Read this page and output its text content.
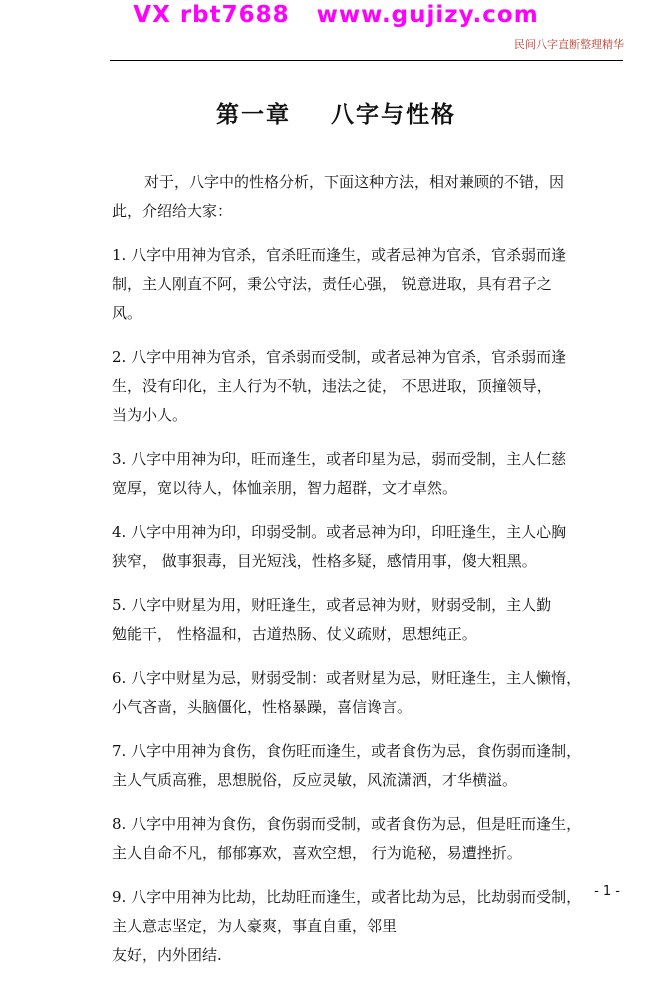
VX rbt7688   www.gujizy.com
民间八字直断整理精华
第一章    八字与性格

对于，八字中的性格分析，下面这种方法，相对兼顾的不错，因
此，介绍给大家：

1. 八字中用神为官杀，官杀旺而逢生，或者忌神为官杀，官杀弱而逢
制，主人刚直不阿，秉公守法，责任心强， 锐意进取，具有君子之
风。
2. 八字中用神为官杀，官杀弱而受制，或者忌神为官杀，官杀弱而逢
生，没有印化，主人行为不轨，违法之徒， 不思进取，顶撞领导，
当为小人。
3. 八字中用神为印，旺而逢生，或者印星为忌，弱而受制，主人仁慈
宽厚，宽以待人，体恤亲朋，智力超群，文才卓然。
4. 八字中用神为印，印弱受制。或者忌神为印，印旺逢生，主人心胸
狭窄， 做事狠毒，目光短浅，性格多疑，感情用事，傻大粗黑。
5. 八字中财星为用，财旺逢生，或者忌神为财，财弱受制，主人勤
勉能干， 性格温和，古道热肠、仗义疏财，思想纯正。
6. 八字中财星为忌，财弱受制：或者财星为忌，财旺逢生，主人懒惰，
小气吝啬，头脑僵化，性格暴躁，喜信谗言。
7. 八字中用神为食伤，食伤旺而逢生，或者食伤为忌，食伤弱而逢制，
主人气质高雅，思想脱俗，反应灵敏，风流潇洒，才华横溢。
8. 八字中用神为食伤，食伤弱而受制，或者食伤为忌，但是旺而逢生，
主人自命不凡，郁郁寡欢，喜欢空想， 行为诡秘，易遭挫折。
9. 八字中用神为比劫，比劫旺而逢生，或者比劫为忌，比劫弱而受制，
主人意志坚定，为人豪爽，事直自重，邻里
友好，内外团结.
- 1 -
